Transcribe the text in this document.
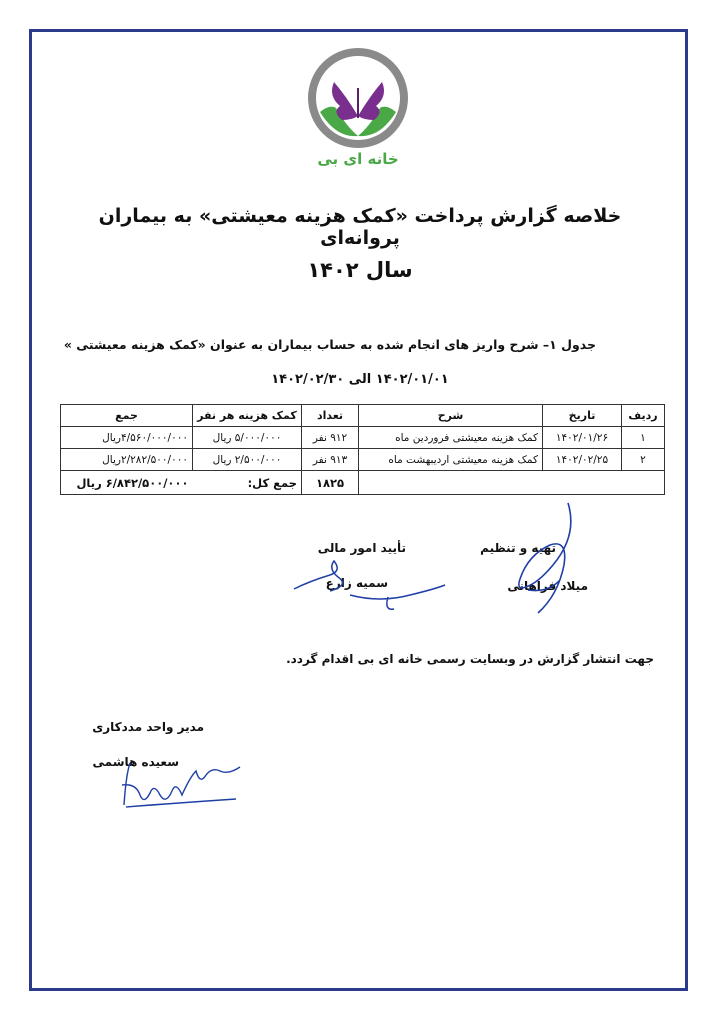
EB Home
خانه ای بی
خلاصه گزارش پرداخت «کمک هزینه معیشتی» به بیماران پروانه‌ای
سال ۱۴۰۲
جدول ۱– شرح واریز های انجام شده به حساب بیماران به عنوان «کمک هزینه معیشتی »
۱۴۰۲/۰۱/۰۱ الی ۱۴۰۲/۰۲/۳۰
ردیف	تاریخ	شرح	تعداد	کمک هزینه هر نفر	جمع
۱	۱۴۰۲/۰۱/۲۶	کمک هزینه معیشتی فروردین ماه	۹۱۲ نفر	۵/۰۰۰/۰۰۰ ریال	۴/۵۶۰/۰۰۰/۰۰۰ریال
۲	۱۴۰۲/۰۲/۲۵	کمک هزینه معیشتی اردیبهشت ماه	۹۱۳ نفر	۲/۵۰۰/۰۰۰ ریال	۲/۲۸۲/۵۰۰/۰۰۰ریال
			۱۸۲۵	جمع کل:	۶/۸۴۲/۵۰۰/۰۰۰ ریال
تهیه و تنظیم
میلاد فراهانی
تأیید امور مالی
سمیه زارع
جهت انتشار گزارش در وبسایت رسمی خانه ای بی اقدام گردد.
مدیر واحد مددکاری
سعیده هاشمی
